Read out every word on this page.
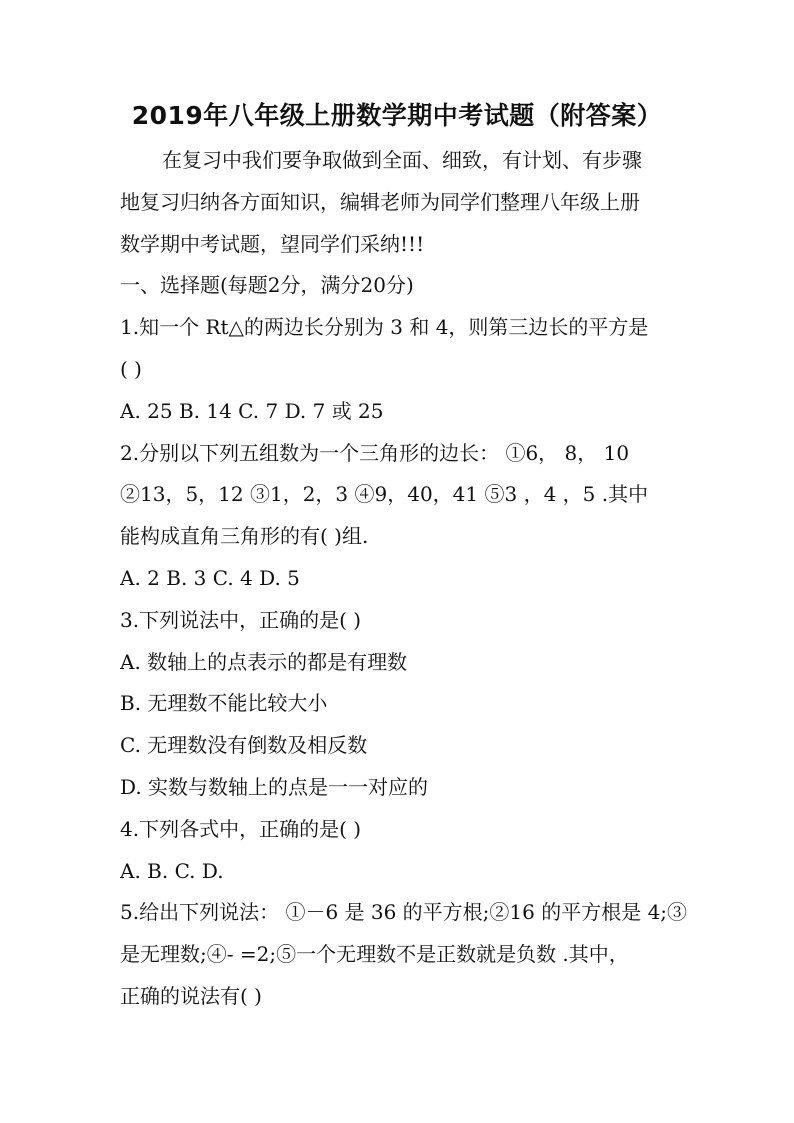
2019年八年级上册数学期中考试题（附答案）
在复习中我们要争取做到全面、细致，有计划、有步骤
地复习归纳各方面知识，编辑老师为同学们整理八年级上册
数学期中考试题，望同学们采纳!!!
一、选择题(每题2分，满分20分)
1.知一个 Rt△的两边长分别为 3 和 4，则第三边长的平方是
( )
A. 25 B. 14 C. 7 D. 7 或 25
2.分别以下列五组数为一个三角形的边长： ①6， 8， 10
②13，5，12 ③1，2，3 ④9，40，41 ⑤3 ，4 ，5 .其中
能构成直角三角形的有( )组.
A. 2 B. 3 C. 4 D. 5
3.下列说法中，正确的是( )
A. 数轴上的点表示的都是有理数
B. 无理数不能比较大小
C. 无理数没有倒数及相反数
D. 实数与数轴上的点是一一对应的
4.下列各式中，正确的是( )
A. B. C. D.
5.给出下列说法： ①－6 是 36 的平方根;②16 的平方根是 4;③
是无理数;④- =2;⑤一个无理数不是正数就是负数 .其中，
正确的说法有( )
